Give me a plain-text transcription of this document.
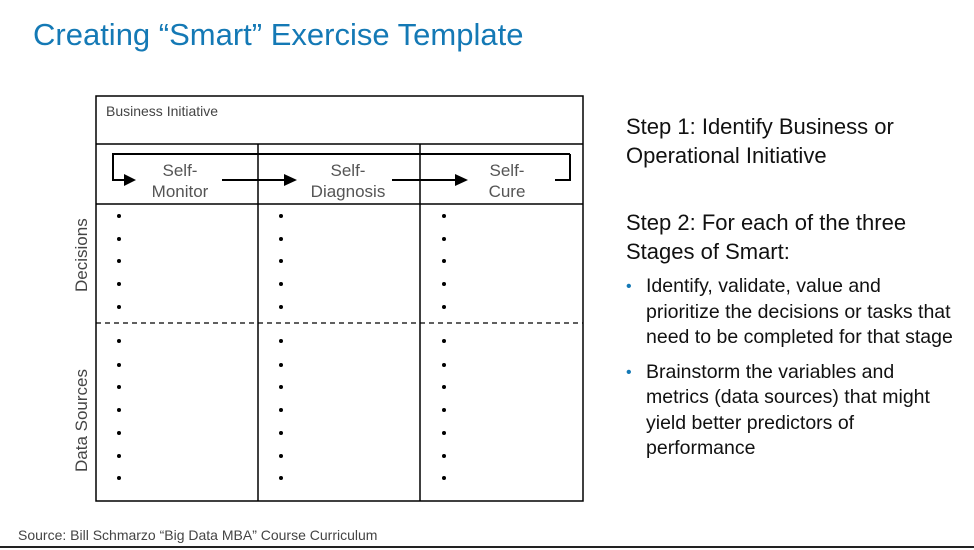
Creating “Smart” Exercise Template
Business Initiative
Self-
Monitor
Self-
Diagnosis
Self-
Cure
Decisions
Data Sources

Step 1: Identify Business or Operational Initiative

Step 2: For each of the three Stages of Smart:

• Identify, validate, value and prioritize the decisions or tasks that need to be completed for that stage
• Brainstorm the variables and metrics (data sources) that might yield better predictors of performance
Source: Bill Schmarzo “Big Data MBA” Course Curriculum
